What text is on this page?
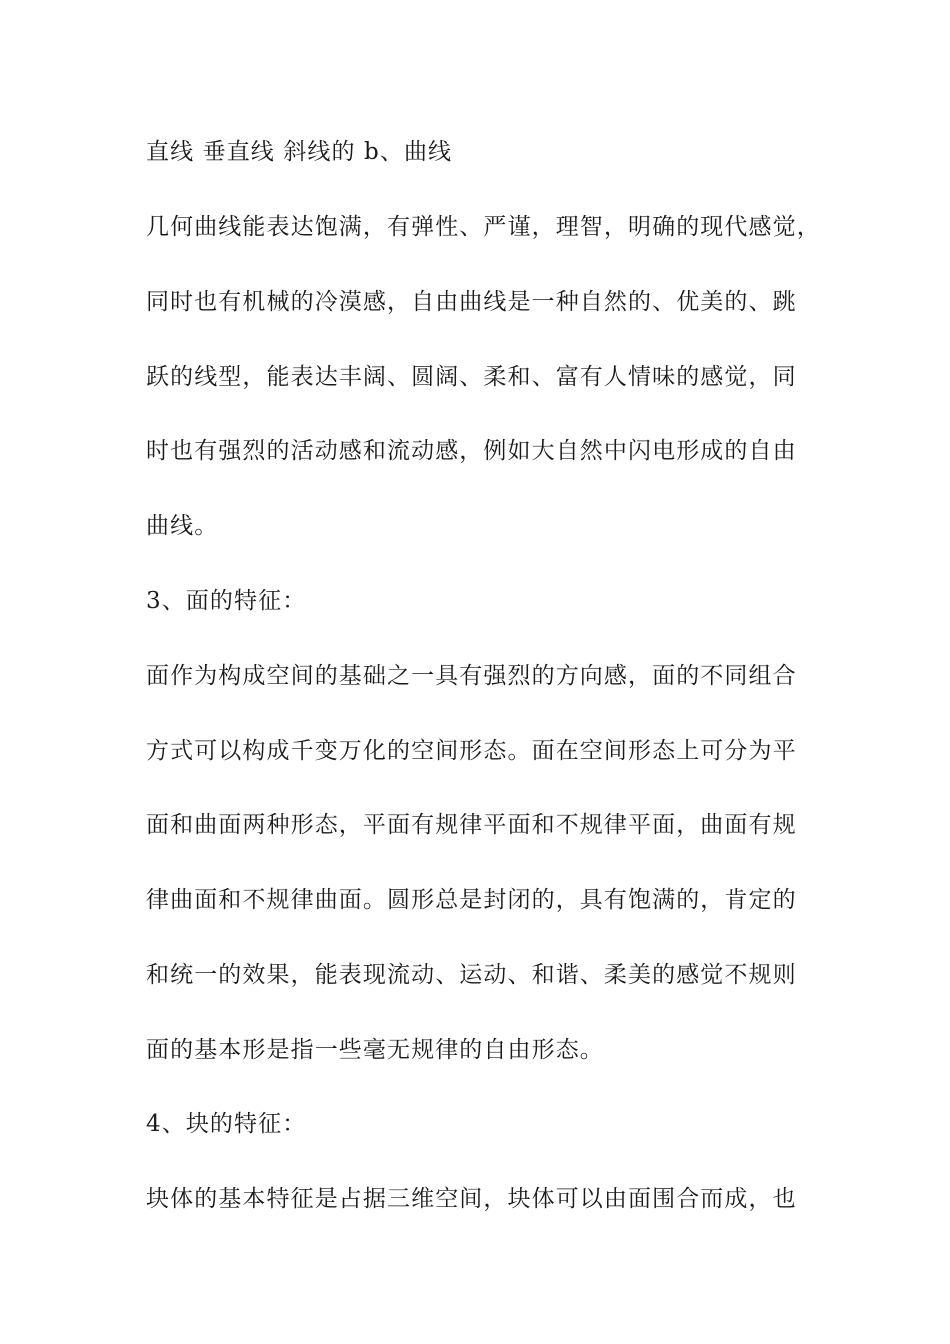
直线 垂直线 斜线的 b、曲线
几何曲线能表达饱满，有弹性、严谨，理智，明确的现代感觉，
同时也有机械的冷漠感，自由曲线是一种自然的、优美的、跳
跃的线型，能表达丰阔、圆阔、柔和、富有人情味的感觉，同
时也有强烈的活动感和流动感，例如大自然中闪电形成的自由
曲线。
3、面的特征：
面作为构成空间的基础之一具有强烈的方向感，面的不同组合
方式可以构成千变万化的空间形态。面在空间形态上可分为平
面和曲面两种形态，平面有规律平面和不规律平面，曲面有规
律曲面和不规律曲面。圆形总是封闭的，具有饱满的，肯定的
和统一的效果，能表现流动、运动、和谐、柔美的感觉不规则
面的基本形是指一些毫无规律的自由形态。
4、块的特征：
块体的基本特征是占据三维空间，块体可以由面围合而成，也
